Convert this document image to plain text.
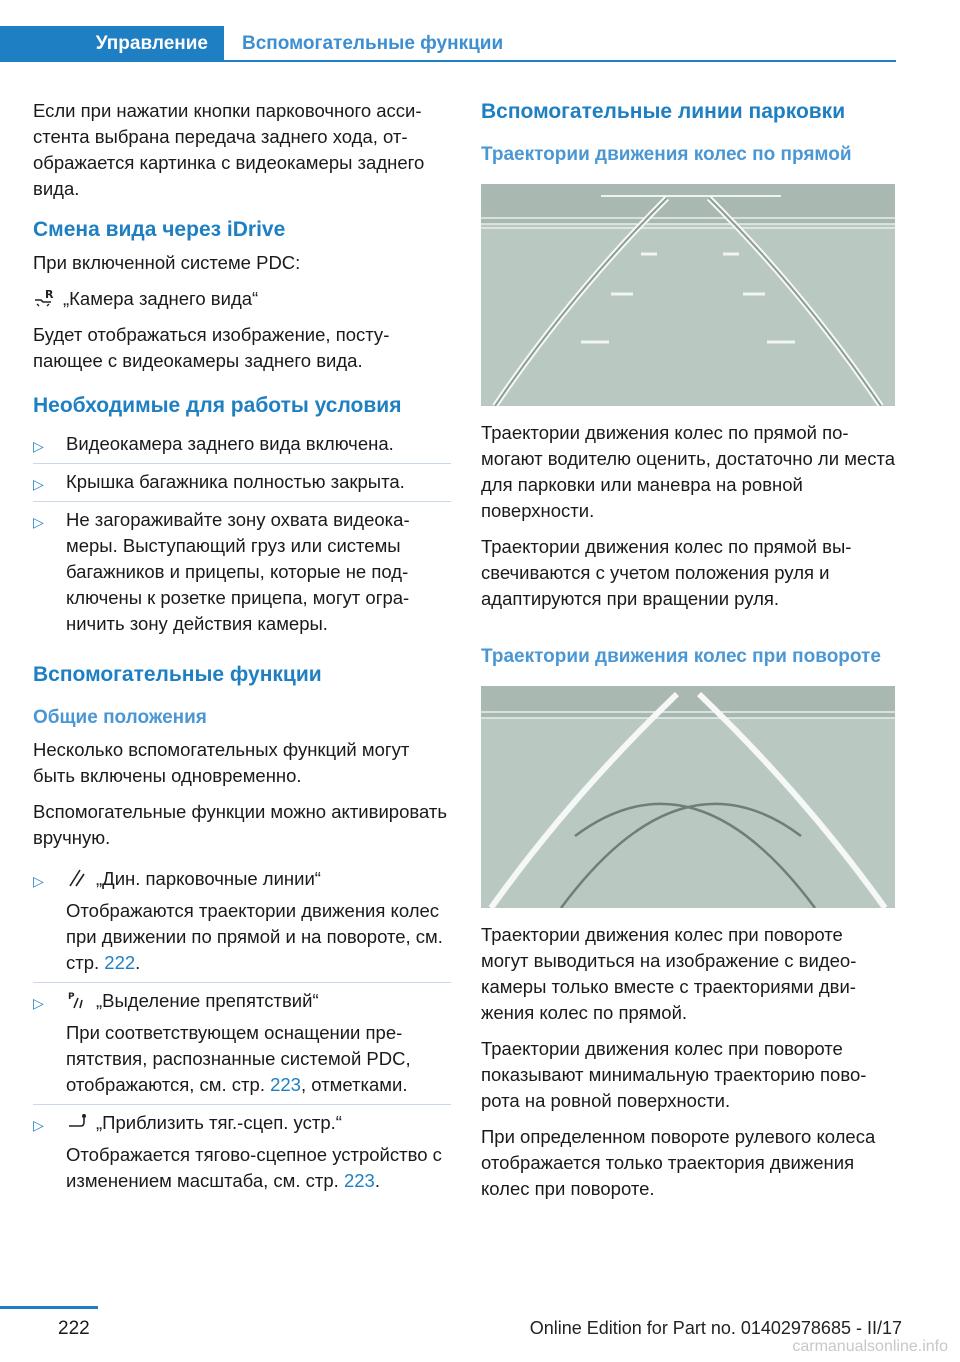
Управление	Вспомогательные функции

Если при нажатии кнопки парковочного ассистента выбрана передача заднего хода, отображается картинка с видеокамеры заднего вида.

Смена вида через iDrive

При включенной системе PDC:

R „Камера заднего вида“

Будет отображаться изображение, поступающее с видеокамеры заднего вида.

Необходимые для работы условия
▷ Видеокамера заднего вида включена.
▷ Крышка багажника полностью закрыта.
▷ Не загораживайте зону охвата видеокамеры. Выступающий груз или системы багажников и прицепы, которые не подключены к розетке прицепа, могут ограничить зону действия камеры.
Вспомогательные функции
Общие положения

Несколько вспомогательных функций могут быть включены одновременно.

Вспомогательные функции можно активировать вручную.

▷	„Дин. парковочные линии“
Отображаются траектории движения колес при движении по прямой и на повороте, см. стр. 222.
▷	P „Выделение препятствий“
При соответствующем оснащении препятствия, распознанные системой PDC, отображаются, см. стр. 223, отметками.
▷	„Приблизить тяг.-сцеп. устр.“
Отображается тягово-сцепное устройство с изменением масштаба, см. стр. 223.
Вспомогательные линии парковки
Траектории движения колес по прямой

Траектории движения колес по прямой помогают водителю оценить, достаточно ли места для парковки или маневра на ровной поверхности.

Траектории движения колес по прямой высвечиваются с учетом положения руля и адаптируются при вращении руля.

Траектории движения колес при повороте

Траектории движения колес при повороте могут выводиться на изображение с видеокамеры только вместе с траекториями движения колес по прямой.

Траектории движения колес при повороте показывают минимальную траекторию поворота на ровной поверхности.

При определенном повороте рулевого колеса отображается только траектория движения колес при повороте.

222	Online Edition for Part no. 01402978685 - II/17
carmanualsonline.info
